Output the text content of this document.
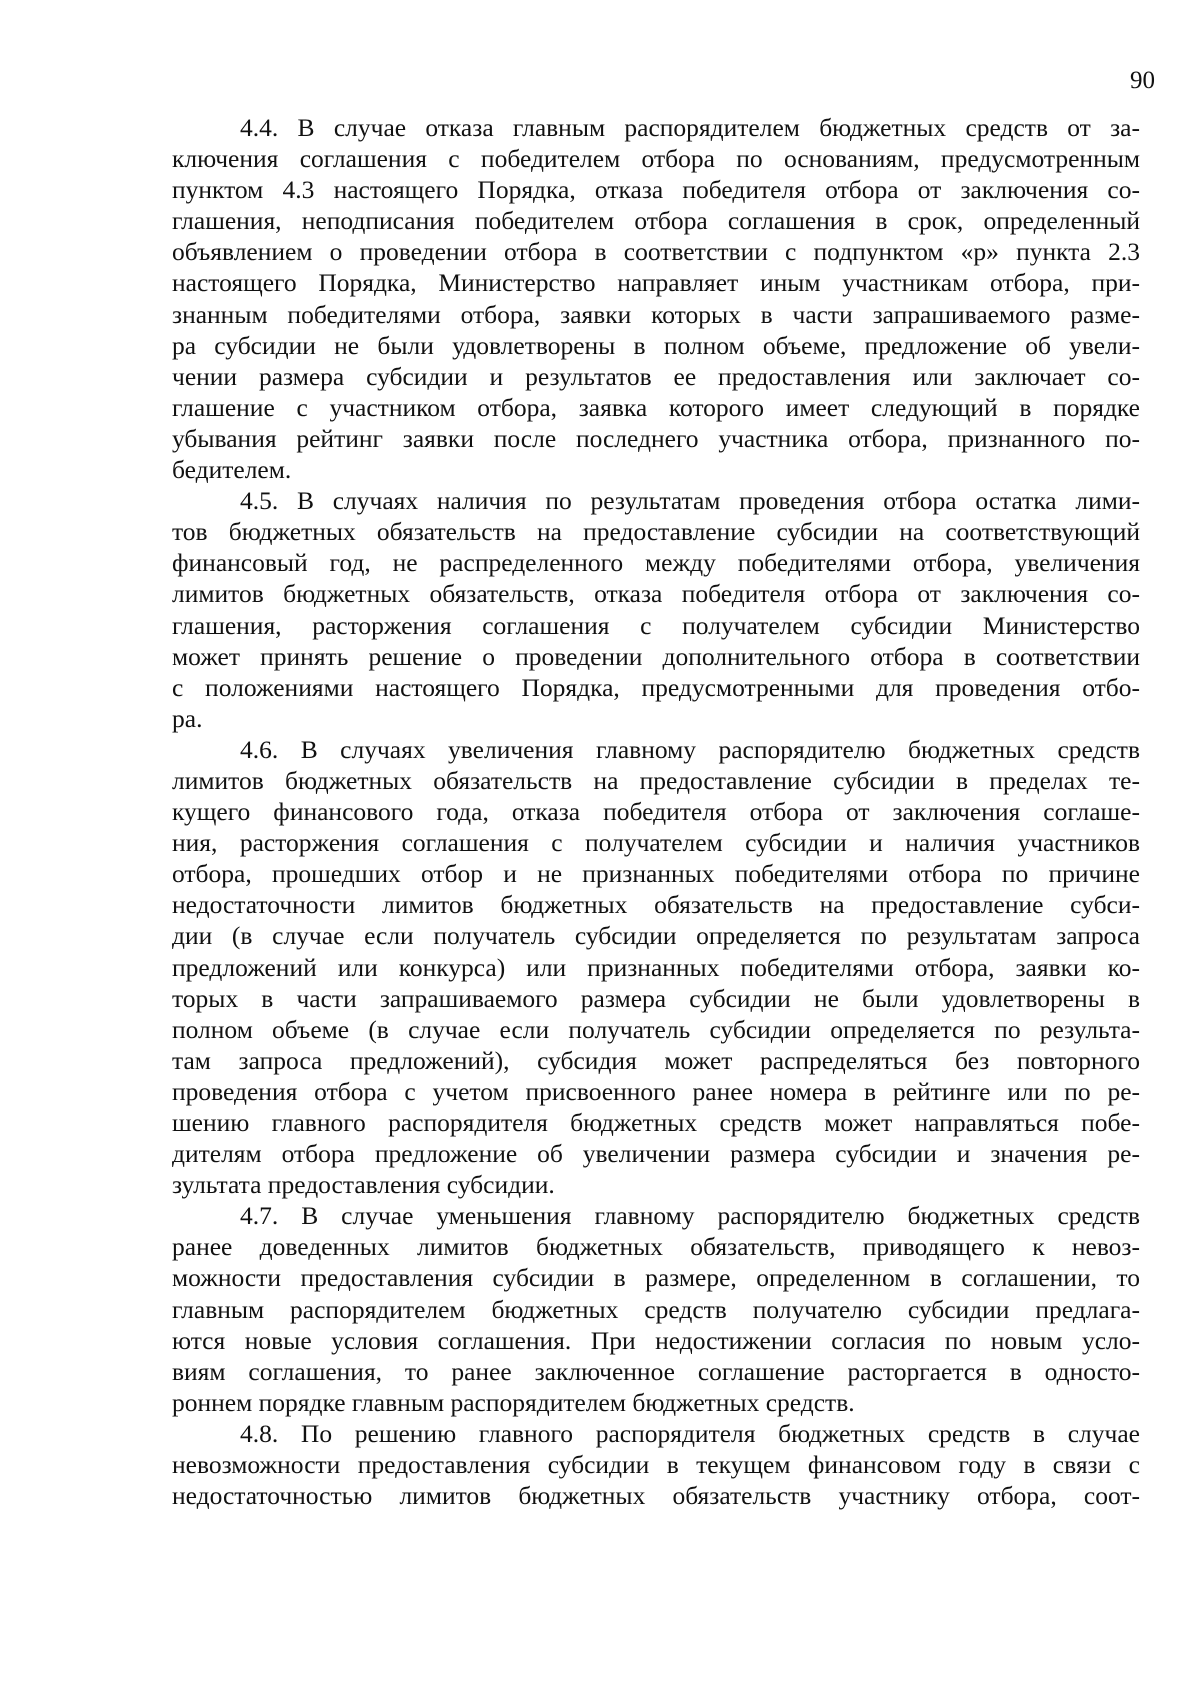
90
4.4. В случае отказа главным распорядителем бюджетных средств от за-
ключения соглашения с победителем отбора по основаниям, предусмотренным
пунктом 4.3 настоящего Порядка, отказа победителя отбора от заключения со-
глашения, неподписания победителем отбора соглашения в срок, определенный
объявлением о проведении отбора в соответствии с подпунктом «р» пункта 2.3
настоящего Порядка, Министерство направляет иным участникам отбора, при-
знанным победителями отбора, заявки которых в части запрашиваемого разме-
ра субсидии не были удовлетворены в полном объеме, предложение об увели-
чении размера субсидии и результатов ее предоставления или заключает со-
глашение с участником отбора, заявка которого имеет следующий в порядке
убывания рейтинг заявки после последнего участника отбора, признанного по-
бедителем.
4.5. В случаях наличия по результатам проведения отбора остатка лими-
тов бюджетных обязательств на предоставление субсидии на соответствующий
финансовый год, не распределенного между победителями отбора, увеличения
лимитов бюджетных обязательств, отказа победителя отбора от заключения со-
глашения, расторжения соглашения с получателем субсидии Министерство
может принять решение о проведении дополнительного отбора в соответствии
с положениями настоящего Порядка, предусмотренными для проведения отбо-
ра.
4.6. В случаях увеличения главному распорядителю бюджетных средств
лимитов бюджетных обязательств на предоставление субсидии в пределах те-
кущего финансового года, отказа победителя отбора от заключения соглаше-
ния, расторжения соглашения с получателем субсидии и наличия участников
отбора, прошедших отбор и не признанных победителями отбора по причине
недостаточности лимитов бюджетных обязательств на предоставление субси-
дии (в случае если получатель субсидии определяется по результатам запроса
предложений или конкурса) или признанных победителями отбора, заявки ко-
торых в части запрашиваемого размера субсидии не были удовлетворены в
полном объеме (в случае если получатель субсидии определяется по результа-
там запроса предложений), субсидия может распределяться без повторного
проведения отбора с учетом присвоенного ранее номера в рейтинге или по ре-
шению главного распорядителя бюджетных средств может направляться побе-
дителям отбора предложение об увеличении размера субсидии и значения ре-
зультата предоставления субсидии.
4.7. В случае уменьшения главному распорядителю бюджетных средств
ранее доведенных лимитов бюджетных обязательств, приводящего к невоз-
можности предоставления субсидии в размере, определенном в соглашении, то
главным распорядителем бюджетных средств получателю субсидии предлага-
ются новые условия соглашения. При недостижении согласия по новым усло-
виям соглашения, то ранее заключенное соглашение расторгается в односто-
роннем порядке главным распорядителем бюджетных средств.
4.8. По решению главного распорядителя бюджетных средств в случае
невозможности предоставления субсидии в текущем финансовом году в связи с
недостаточностью лимитов бюджетных обязательств участнику отбора, соот-
